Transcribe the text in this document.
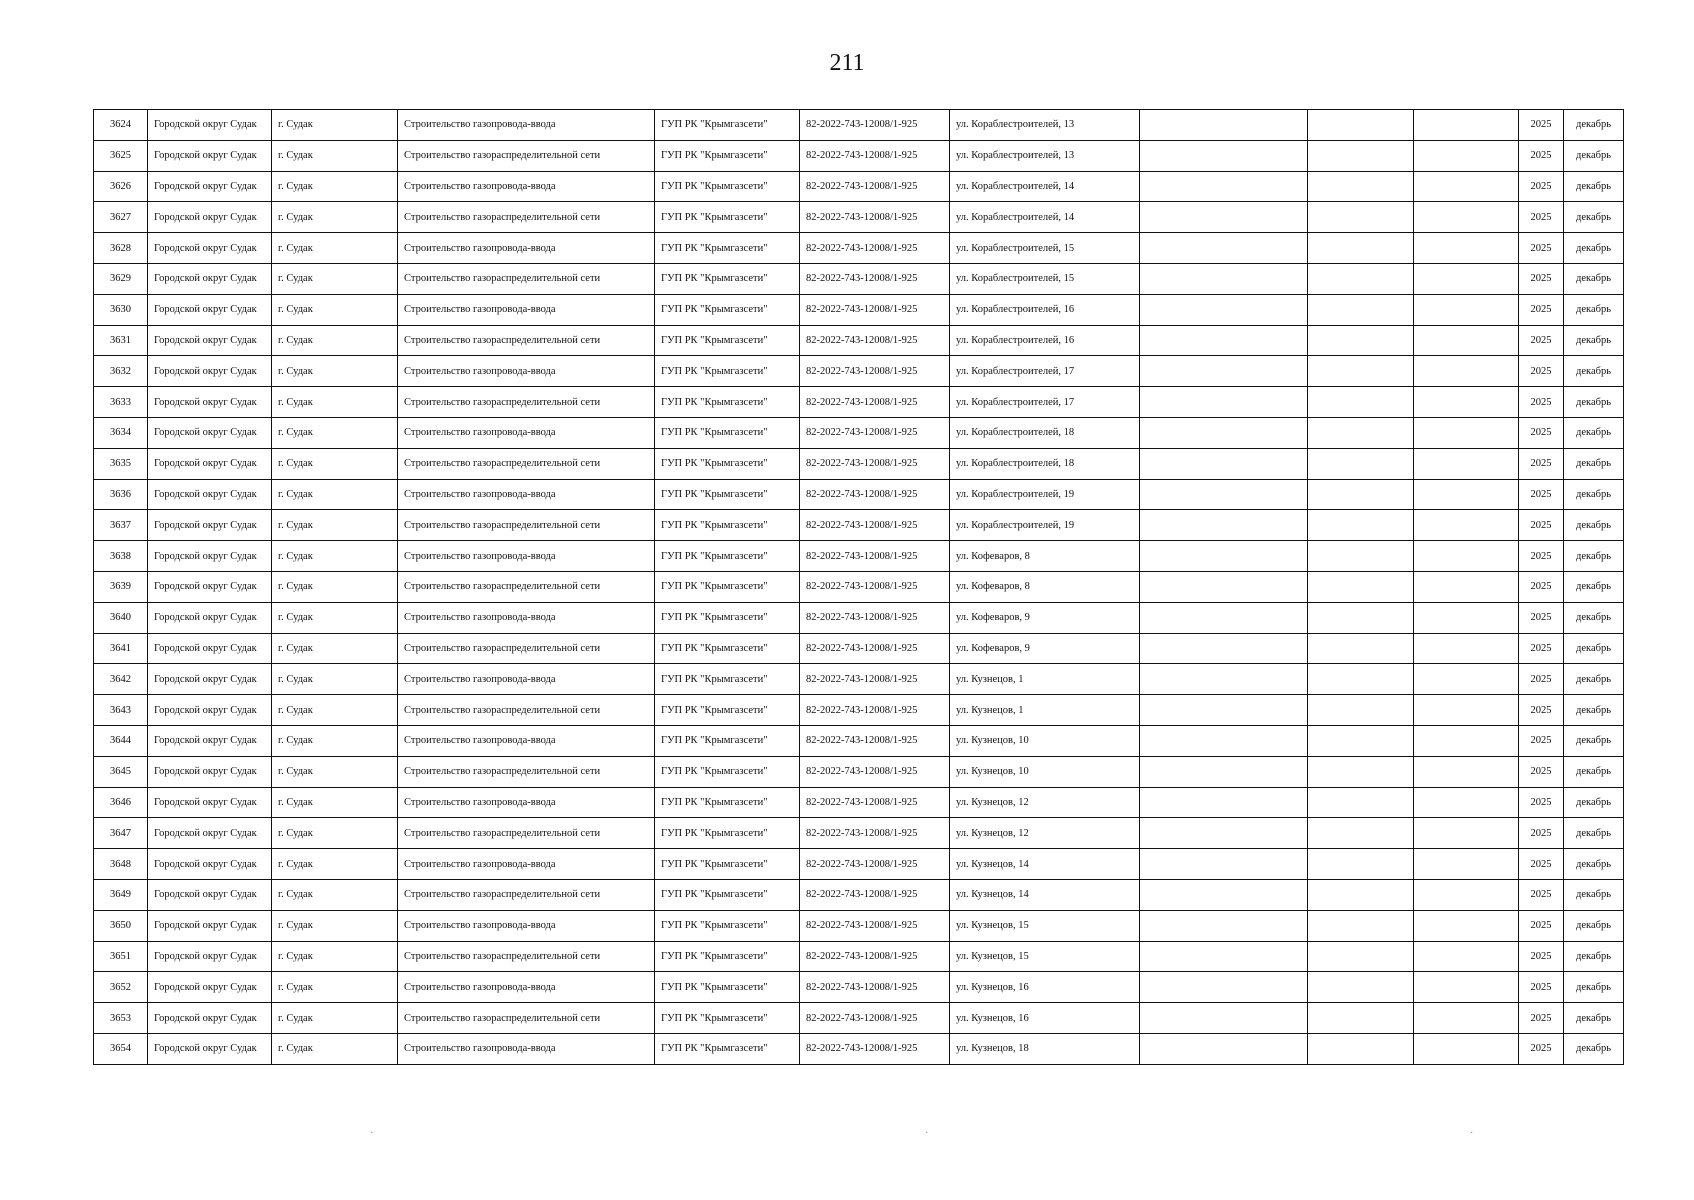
211
3624	Городской округ Судак	г. Судак	Строительство газопровода-ввода	ГУП РК "Крымгазсети"	82-2022-743-12008/1-925	ул. Кораблестроителей, 13				2025	декабрь
3625	Городской округ Судак	г. Судак	Строительство газораспределительной сети	ГУП РК "Крымгазсети"	82-2022-743-12008/1-925	ул. Кораблестроителей, 13				2025	декабрь
3626	Городской округ Судак	г. Судак	Строительство газопровода-ввода	ГУП РК "Крымгазсети"	82-2022-743-12008/1-925	ул. Кораблестроителей, 14				2025	декабрь
3627	Городской округ Судак	г. Судак	Строительство газораспределительной сети	ГУП РК "Крымгазсети"	82-2022-743-12008/1-925	ул. Кораблестроителей, 14				2025	декабрь
3628	Городской округ Судак	г. Судак	Строительство газопровода-ввода	ГУП РК "Крымгазсети"	82-2022-743-12008/1-925	ул. Кораблестроителей, 15				2025	декабрь
3629	Городской округ Судак	г. Судак	Строительство газораспределительной сети	ГУП РК "Крымгазсети"	82-2022-743-12008/1-925	ул. Кораблестроителей, 15				2025	декабрь
3630	Городской округ Судак	г. Судак	Строительство газопровода-ввода	ГУП РК "Крымгазсети"	82-2022-743-12008/1-925	ул. Кораблестроителей, 16				2025	декабрь
3631	Городской округ Судак	г. Судак	Строительство газораспределительной сети	ГУП РК "Крымгазсети"	82-2022-743-12008/1-925	ул. Кораблестроителей, 16				2025	декабрь
3632	Городской округ Судак	г. Судак	Строительство газопровода-ввода	ГУП РК "Крымгазсети"	82-2022-743-12008/1-925	ул. Кораблестроителей, 17				2025	декабрь
3633	Городской округ Судак	г. Судак	Строительство газораспределительной сети	ГУП РК "Крымгазсети"	82-2022-743-12008/1-925	ул. Кораблестроителей, 17				2025	декабрь
3634	Городской округ Судак	г. Судак	Строительство газопровода-ввода	ГУП РК "Крымгазсети"	82-2022-743-12008/1-925	ул. Кораблестроителей, 18				2025	декабрь
3635	Городской округ Судак	г. Судак	Строительство газораспределительной сети	ГУП РК "Крымгазсети"	82-2022-743-12008/1-925	ул. Кораблестроителей, 18				2025	декабрь
3636	Городской округ Судак	г. Судак	Строительство газопровода-ввода	ГУП РК "Крымгазсети"	82-2022-743-12008/1-925	ул. Кораблестроителей, 19				2025	декабрь
3637	Городской округ Судак	г. Судак	Строительство газораспределительной сети	ГУП РК "Крымгазсети"	82-2022-743-12008/1-925	ул. Кораблестроителей, 19				2025	декабрь
3638	Городской округ Судак	г. Судак	Строительство газопровода-ввода	ГУП РК "Крымгазсети"	82-2022-743-12008/1-925	ул. Кофеваров, 8				2025	декабрь
3639	Городской округ Судак	г. Судак	Строительство газораспределительной сети	ГУП РК "Крымгазсети"	82-2022-743-12008/1-925	ул. Кофеваров, 8				2025	декабрь
3640	Городской округ Судак	г. Судак	Строительство газопровода-ввода	ГУП РК "Крымгазсети"	82-2022-743-12008/1-925	ул. Кофеваров, 9				2025	декабрь
3641	Городской округ Судак	г. Судак	Строительство газораспределительной сети	ГУП РК "Крымгазсети"	82-2022-743-12008/1-925	ул. Кофеваров, 9				2025	декабрь
3642	Городской округ Судак	г. Судак	Строительство газопровода-ввода	ГУП РК "Крымгазсети"	82-2022-743-12008/1-925	ул. Кузнецов, 1				2025	декабрь
3643	Городской округ Судак	г. Судак	Строительство газораспределительной сети	ГУП РК "Крымгазсети"	82-2022-743-12008/1-925	ул. Кузнецов, 1				2025	декабрь
3644	Городской округ Судак	г. Судак	Строительство газопровода-ввода	ГУП РК "Крымгазсети"	82-2022-743-12008/1-925	ул. Кузнецов, 10				2025	декабрь
3645	Городской округ Судак	г. Судак	Строительство газораспределительной сети	ГУП РК "Крымгазсети"	82-2022-743-12008/1-925	ул. Кузнецов, 10				2025	декабрь
3646	Городской округ Судак	г. Судак	Строительство газопровода-ввода	ГУП РК "Крымгазсети"	82-2022-743-12008/1-925	ул. Кузнецов, 12				2025	декабрь
3647	Городской округ Судак	г. Судак	Строительство газораспределительной сети	ГУП РК "Крымгазсети"	82-2022-743-12008/1-925	ул. Кузнецов, 12				2025	декабрь
3648	Городской округ Судак	г. Судак	Строительство газопровода-ввода	ГУП РК "Крымгазсети"	82-2022-743-12008/1-925	ул. Кузнецов, 14				2025	декабрь
3649	Городской округ Судак	г. Судак	Строительство газораспределительной сети	ГУП РК "Крымгазсети"	82-2022-743-12008/1-925	ул. Кузнецов, 14				2025	декабрь
3650	Городской округ Судак	г. Судак	Строительство газопровода-ввода	ГУП РК "Крымгазсети"	82-2022-743-12008/1-925	ул. Кузнецов, 15				2025	декабрь
3651	Городской округ Судак	г. Судак	Строительство газораспределительной сети	ГУП РК "Крымгазсети"	82-2022-743-12008/1-925	ул. Кузнецов, 15				2025	декабрь
3652	Городской округ Судак	г. Судак	Строительство газопровода-ввода	ГУП РК "Крымгазсети"	82-2022-743-12008/1-925	ул. Кузнецов, 16				2025	декабрь
3653	Городской округ Судак	г. Судак	Строительство газораспределительной сети	ГУП РК "Крымгазсети"	82-2022-743-12008/1-925	ул. Кузнецов, 16				2025	декабрь
3654	Городской округ Судак	г. Судак	Строительство газопровода-ввода	ГУП РК "Крымгазсети"	82-2022-743-12008/1-925	ул. Кузнецов, 18				2025	декабрь
·	·	·
